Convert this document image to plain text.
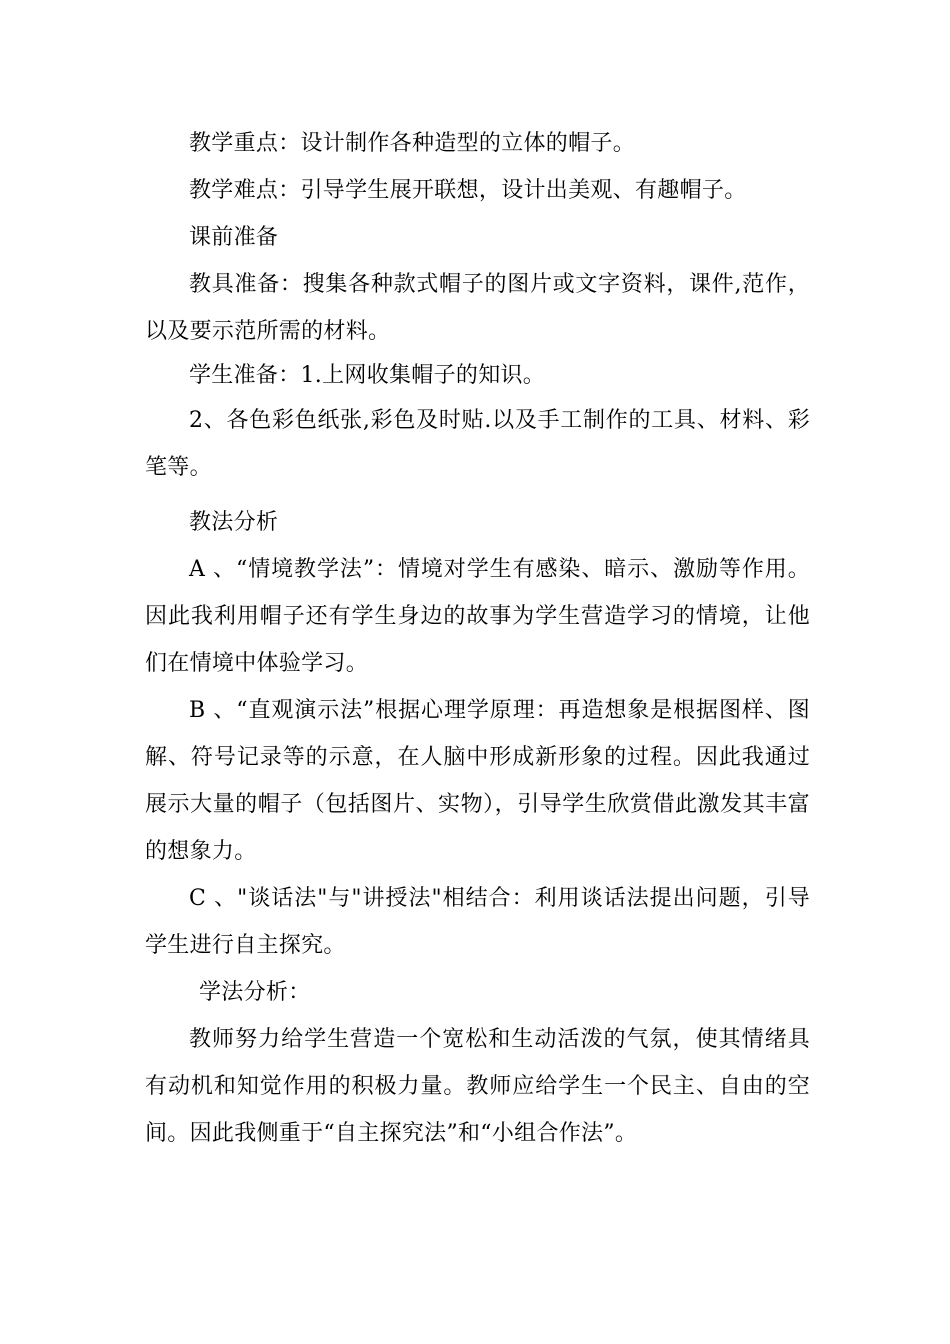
教学重点：设计制作各种造型的立体的帽子。

教学难点：引导学生展开联想，设计出美观、有趣帽子。

课前准备

教具准备：搜集各种款式帽子的图片或文字资料，课件,范作，以及要示范所需的材料。

学生准备：1.上网收集帽子的知识。

2、各色彩色纸张,彩色及时贴.以及手工制作的工具、材料、彩笔等。

教法分析

A 、“情境教学法”：情境对学生有感染、暗示、激励等作用。因此我利用帽子还有学生身边的故事为学生营造学习的情境，让他们在情境中体验学习。

B 、“直观演示法”根据心理学原理：再造想象是根据图样、图解、符号记录等的示意，在人脑中形成新形象的过程。因此我通过展示大量的帽子（包括图片、实物），引导学生欣赏借此激发其丰富的想象力。

C 、"谈话法"与"讲授法"相结合：利用谈话法提出问题，引导学生进行自主探究。

学法分析：

教师努力给学生营造一个宽松和生动活泼的气氛，使其情绪具有动机和知觉作用的积极力量。教师应给学生一个民主、自由的空间。因此我侧重于“自主探究法”和“小组合作法”。
